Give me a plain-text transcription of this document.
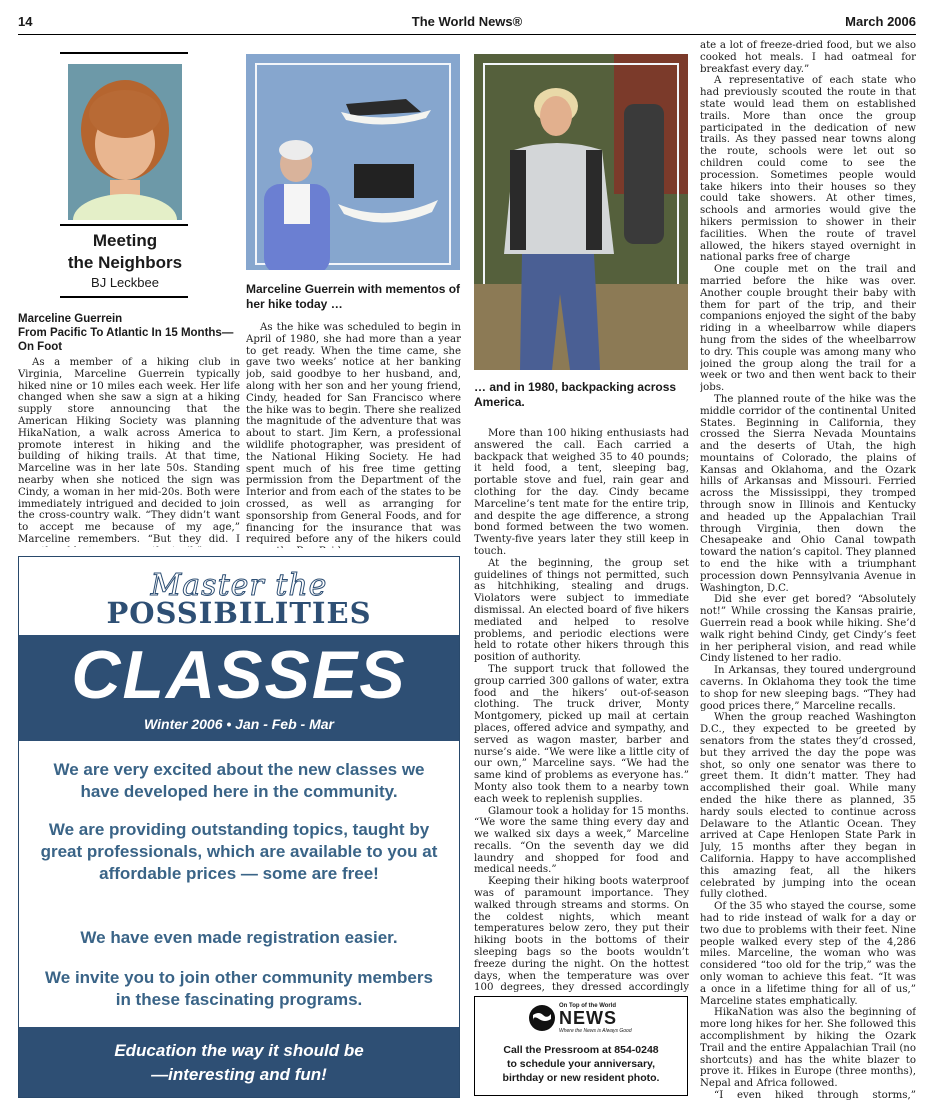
14	The World News®	March 2006
Meeting
the Neighbors
BJ Leckbee
Marceline Guerrein
From Pacific To Atlantic In 15 Months—
On Foot

As a member of a hiking club in Virginia, Marceline Guerrein typically hiked nine or 10 miles each week. Her life changed when she saw a sign at a hiking supply store announcing that the American Hiking Society was planning HikaNation, a walk across America to promote interest in hiking and the building of hiking trails. At that time, Marceline was in her late 50s. Standing nearby when she noticed the sign was Cindy, a woman in her mid-20s. Both were immediately intrigued and decided to join the cross-country walk. “They didn’t want to accept me because of my age,” Marceline remembers. “But they did. I

Marceline Guerrein with mementos of her hike today …

As the hike was scheduled to begin in April of 1980, she had more than a year to get ready. When the time came, she gave two weeks’ notice at her banking job, said goodbye to her husband, and, along with her son and her young friend, Cindy, headed for San Francisco where the hike was to begin. There she realized the magnitude of the adventure that was about to start. Jim Kern, a professional wildlife photographer, was president of the National Hiking Society. He had spent much of his free time getting permission from the Department of the Interior and from each of the states to be crossed, as well as arranging for sponsorship from General Foods, and for financing for the insurance that was required before any of the hikers could

… and in 1980, backpacking across America.

More than 100 hiking enthusiasts had answered the call. Each carried a backpack that weighed 35 to 40 pounds; it held food, a tent, sleeping bag, portable stove and fuel, rain gear and clothing for the day. Cindy became Marceline’s tent mate for the entire trip, and despite the age difference, a strong bond formed between the two women. Twenty-five years later they still keep in touch.

At the beginning, the group set guidelines of things not permitted, such as hitchhiking, stealing and drugs. Violators were subject to immediate dismissal. An elected board of five hikers mediated and helped to resolve problems, and periodic elections were held to rotate other hikers through this position of authority.

The support truck that followed the group carried 300 gallons of water, extra food and the hikers’ out-of-season clothing. The truck driver, Monty Montgomery, picked up mail at certain places, offered advice and sympathy, and served as wagon master, barber and nurse’s aide. “We were like a little city of our own,” Marceline says. “We had the same kind of problems as everyone has.” Monty also took them to a nearby town each week to replenish supplies.

Glamour took a holiday for 15 months. “We wore the same thing every day and we walked six days a week,” Marceline recalls. “On the seventh day we did laundry and shopped for food and medical needs.”

Keeping their hiking boots waterproof was of paramount importance. They walked through streams and storms. On the coldest nights, which meant temperatures below zero, they put their hiking boots in the bottoms of their sleeping bags so the boots wouldn’t freeze during the night. On the hottest days, when the temperature was over 100 degrees, they dressed accordingly

ate a lot of freeze-dried food, but we also cooked hot meals. I had oatmeal for breakfast every day.”

A representative of each state who had previously scouted the route in that state would lead them on established trails. More than once the group participated in the dedication of new trails. As they passed near towns along the route, schools were let out so children could come to see the procession. Sometimes people would take hikers into their houses so they could take showers. At other times, schools and armories would give the hikers permission to shower in their facilities. When the route of travel allowed, the hikers stayed overnight in national parks free of charge

One couple met on the trail and married before the hike was over. Another couple brought their baby with them for part of the trip, and their companions enjoyed the sight of the baby riding in a wheelbarrow while diapers hung from the sides of the wheelbarrow to dry. This couple was among many who joined the group along the trail for a week or two and then went back to their jobs.

The planned route of the hike was the middle corridor of the continental United States. Beginning in California, they crossed the Sierra Nevada Mountains and the deserts of Utah, the high mountains of Colorado, the plains of Kansas and Oklahoma, and the Ozark hills of Arkansas and Missouri. Ferried across the Mississippi, they tromped through snow in Illinois and Kentucky and headed up the Appalachian Trail through Virginia, then down the Chesapeake and Ohio Canal towpath toward the nation’s capitol. They planned to end the hike with a triumphant procession down Pennsylvania Avenue in Washington, D.C.

Did she ever get bored? “Absolutely not!” While crossing the Kansas prairie, Guerrein read a book while hiking. She’d walk right behind Cindy, get Cindy’s feet in her peripheral vision, and read while Cindy listened to her radio.

In Arkansas, they toured underground caverns. In Oklahoma they took the time to shop for new sleeping bags. “They had good prices there,” Marceline recalls.

When the group reached Washington D.C., they expected to be greeted by senators from the states they’d crossed, but they arrived the day the pope was shot, so only one senator was there to greet them. It didn’t matter. They had accomplished their goal. While many ended the hike there as planned, 35 hardy souls elected to continue across Delaware to the Atlantic Ocean. They arrived at Cape Henlopen State Park in July, 15 months after they began in California. Happy to have accomplished this amazing feat, all the hikers celebrated by jumping into the ocean fully clothed.

Of the 35 who stayed the course, some had to ride instead of walk for a day or two due to problems with their feet. Nine people walked every step of the 4,286 miles. Marceline, the woman who was considered “too old for the trip,” was the only woman to achieve this feat. “It was a once in a lifetime thing for all of us,” Marceline states emphatically.

HikaNation was also the beginning of more long hikes for her. She followed this accomplishment by hiking the Ozark Trail and the entire Appalachian Trail (no shortcuts) and has the white blazer to prove it. Hikes in Europe (three months), Nepal and Africa followed.

“I even hiked through storms,”

Master the
POSSIBILITIES
CLASSES
Winter 2006 • Jan - Feb - Mar
We are very excited about the new classes we have developed here in the community.
We are providing outstanding topics, taught by great professionals, which are available to you at affordable prices — some are free!
We have even made registration easier.
We invite you to join other community members in these fascinating programs.
Education the way it should be
—interesting and fun!
On Top of the World
NEWS
Where the News is Always Good
Call the Pressroom at 854-0248
to schedule your anniversary,
birthday or new resident photo.
